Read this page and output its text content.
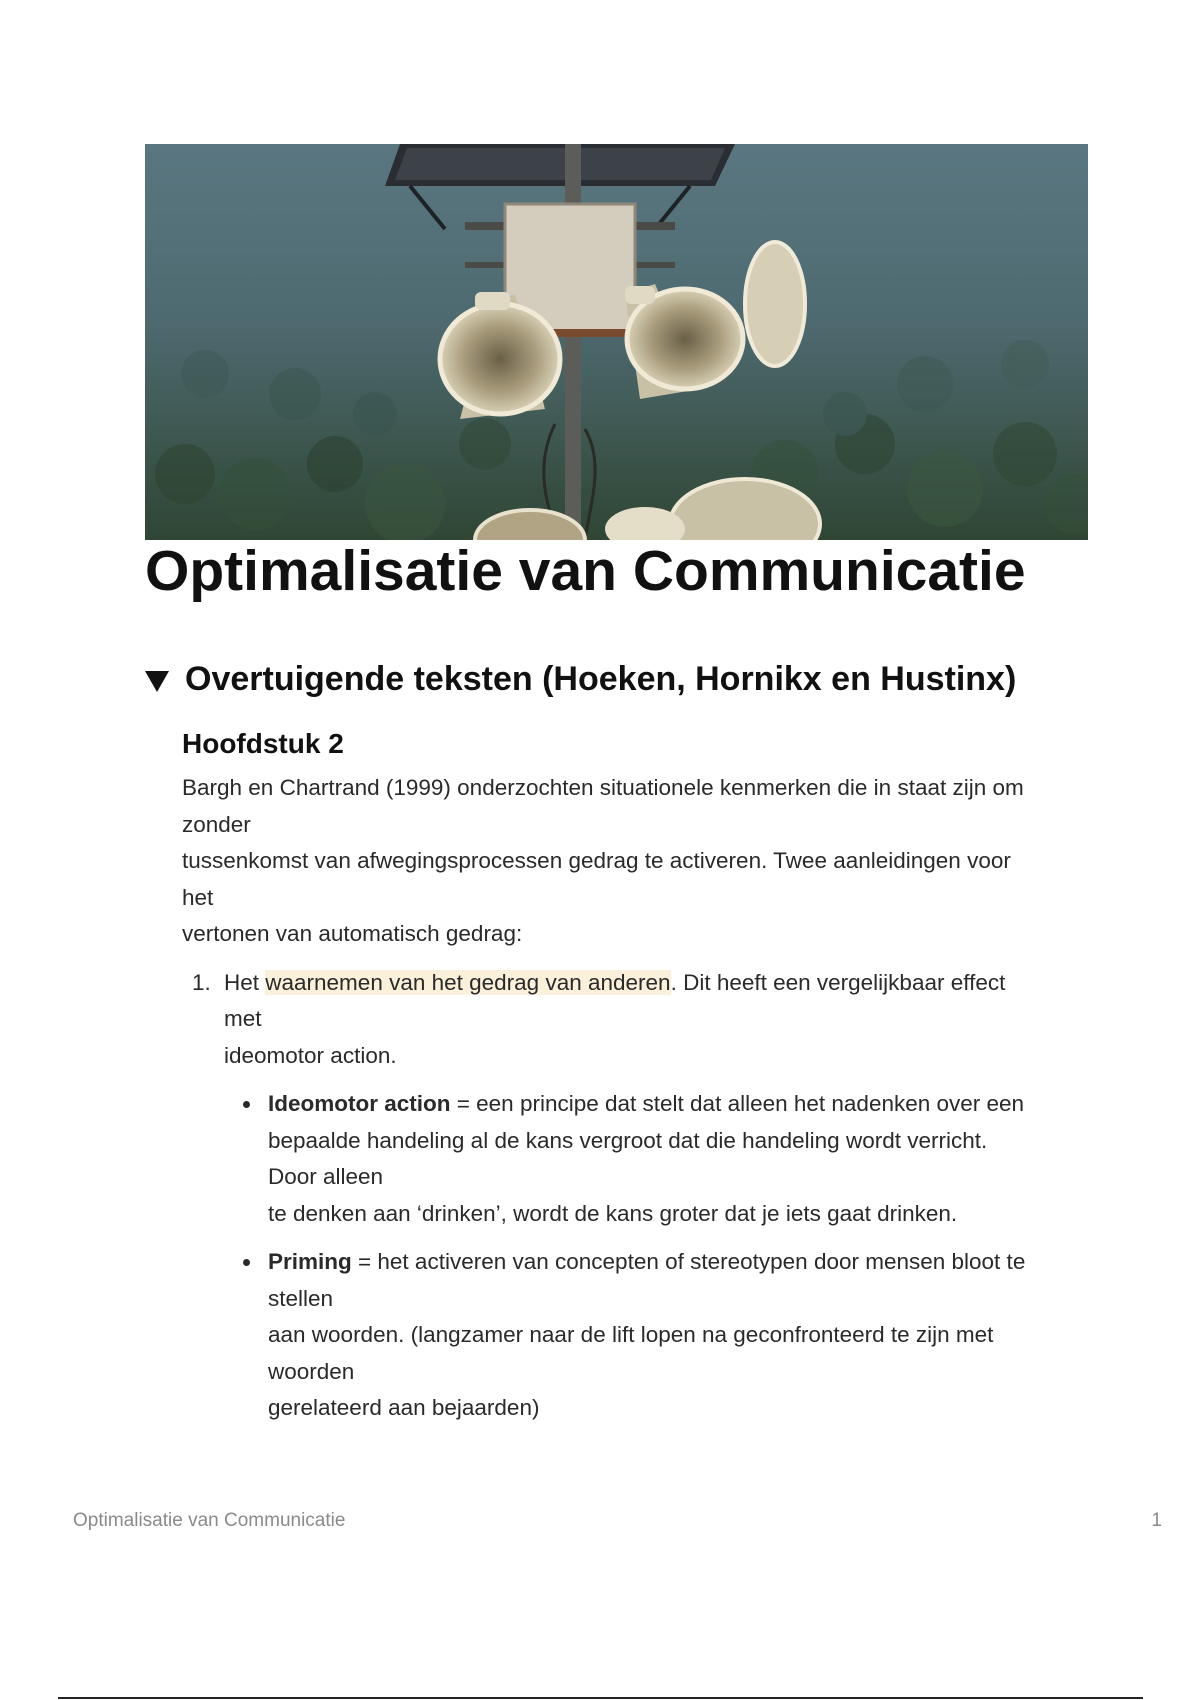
Optimalisatie van Communicatie
Overtuigende teksten (Hoeken, Hornikx en Hustinx)
Hoofdstuk 2

Bargh en Chartrand (1999) onderzochten situationele kenmerken die in staat zijn om
zonder
tussenkomst van afwegingsprocessen gedrag te activeren. Twee aanleidingen voor
het
vertonen van automatisch gedrag:

1. Het waarnemen van het gedrag van anderen. Dit heeft een vergelijkbaar effect
met
ideomotor action.

Ideomotor action = een principe dat stelt dat alleen het nadenken over een
bepaalde handeling al de kans vergroot dat die handeling wordt verricht.
Door alleen
te denken aan ‘drinken’, wordt de kans groter dat je iets gaat drinken.

Priming = het activeren van concepten of stereotypen door mensen bloot te
stellen
aan woorden. (langzamer naar de lift lopen na geconfronteerd te zijn met
woorden
gerelateerd aan bejaarden)

Optimalisatie van Communicatie	1
